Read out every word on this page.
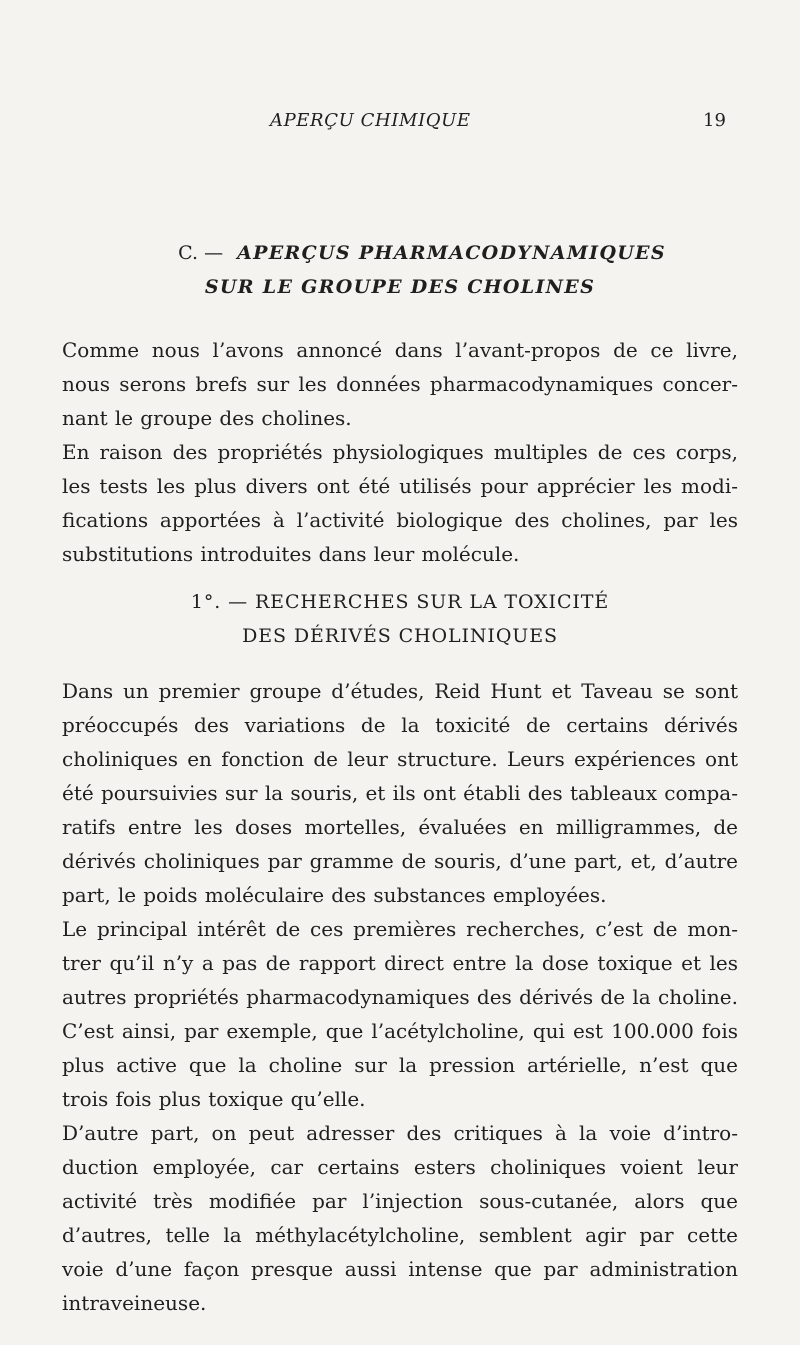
APERÇU CHIMIQUE	19
C. — APERÇUS PHARMACODYNAMIQUES
SUR LE GROUPE DES CHOLINES

Comme nous l’avons annoncé dans l’avant-propos de ce livre, nous serons brefs sur les données pharmacodynamiques concernant le groupe des cholines.

En raison des propriétés physiologiques multiples de ces corps, les tests les plus divers ont été utilisés pour apprécier les modifications apportées à l’activité biologique des cholines, par les substitutions introduites dans leur molécule.

1°. — RECHERCHES SUR LA TOXICITÉ
DES DÉRIVÉS CHOLINIQUES

Dans un premier groupe d’études, Reid Hunt et Taveau se sont préoccupés des variations de la toxicité de certains dérivés choliniques en fonction de leur structure. Leurs expériences ont été poursuivies sur la souris, et ils ont établi des tableaux comparatifs entre les doses mortelles, évaluées en milligrammes, de dérivés choliniques par gramme de souris, d’une part, et, d’autre part, le poids moléculaire des substances employées.

Le principal intérêt de ces premières recherches, c’est de montrer qu’il n’y a pas de rapport direct entre la dose toxique et les autres propriétés pharmacodynamiques des dérivés de la choline. C’est ainsi, par exemple, que l’acétylcholine, qui est 100.000 fois plus active que la choline sur la pression artérielle, n’est que trois fois plus toxique qu’elle.

D’autre part, on peut adresser des critiques à la voie d’introduction employée, car certains esters choliniques voient leur activité très modifiée par l’injection sous-cutanée, alors que d’autres, telle la méthylacétylcholine, semblent agir par cette voie d’une façon presque aussi intense que par administration intraveineuse.
